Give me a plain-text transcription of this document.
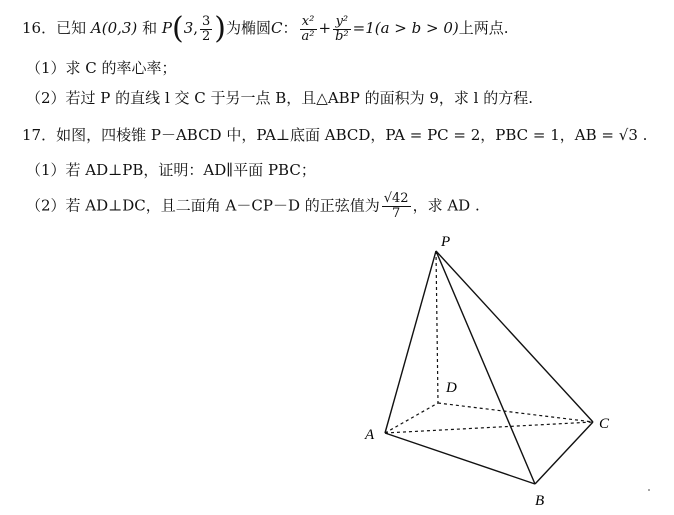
16．已知 A(0,3) 和 P(3, $\frac{3}{2}$ )为椭圆C： $\frac{\text{x²}}{\text{a²}} + \frac{\text{y²}}{\text{b²}} =1(a > b > 0)$上两点.
（1）求 C 的率心率；
（2）若过 P 的直线 l 交 C 于另一点 B，且△ABP 的面积为 9，求 l 的方程.
17．如图，四棱锥 P－ABCD 中，PA⊥底面 ABCD，PA = PC = 2，PBC = 1，AB = √3 .
（1）若 AD⊥PB，证明：AD∥平面 PBC；
（2）若 AD⊥DC，且二面角 A－CP－D 的正弦值为 $\frac{√42}{7}$ ，求 AD .
P
D
A
C
B
